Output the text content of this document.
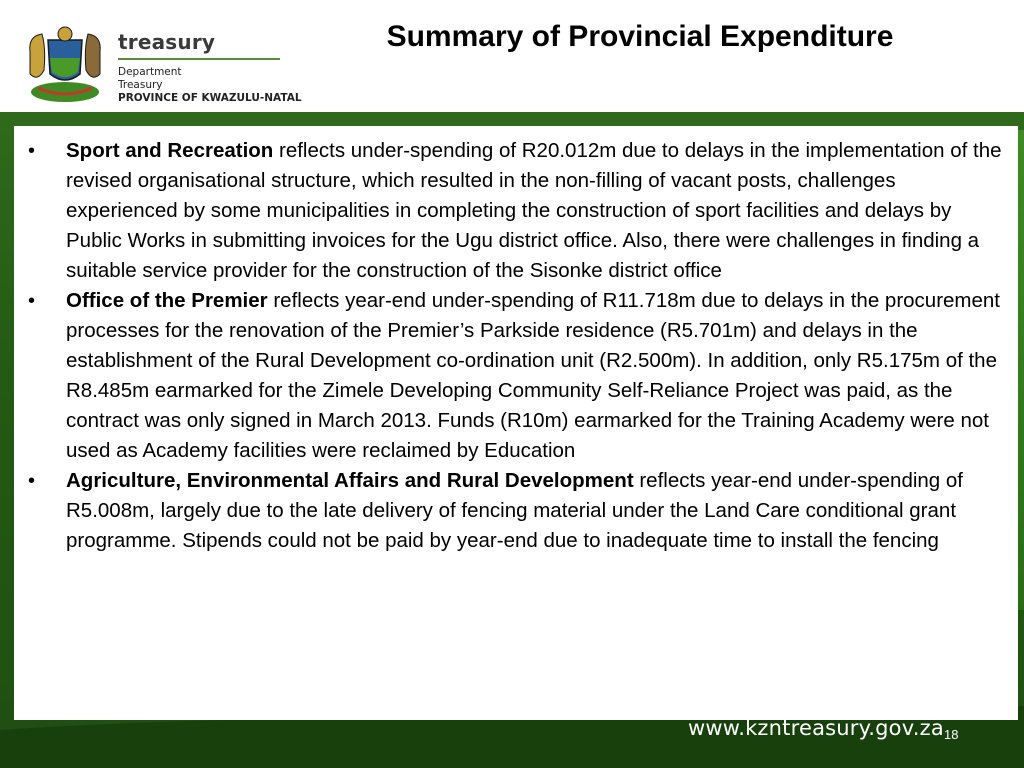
treasury
Department
Treasury
PROVINCE OF KWAZULU-NATAL
Summary of Provincial Expenditure
• Sport and Recreation reflects under-spending of R20.012m due to delays in the implementation of the revised organisational structure, which resulted in the non-filling of vacant posts, challenges experienced by some municipalities in completing the construction of sport facilities and delays by Public Works in submitting invoices for the Ugu district office. Also, there were challenges in finding a suitable service provider for the construction of the Sisonke district office
• Office of the Premier reflects year-end under-spending of R11.718m due to delays in the procurement processes for the renovation of the Premier’s Parkside residence (R5.701m) and delays in the establishment of the Rural Development co-ordination unit (R2.500m). In addition, only R5.175m of the R8.485m earmarked for the Zimele Developing Community Self-Reliance Project was paid, as the contract was only signed in March 2013. Funds (R10m) earmarked for the Training Academy were not used as Academy facilities were reclaimed by Education
• Agriculture, Environmental Affairs and Rural Development reflects year-end under-spending of R5.008m, largely due to the late delivery of fencing material under the Land Care conditional grant programme. Stipends could not be paid by year-end due to inadequate time to install the fencing
www.kzntreasury.gov.za 18
